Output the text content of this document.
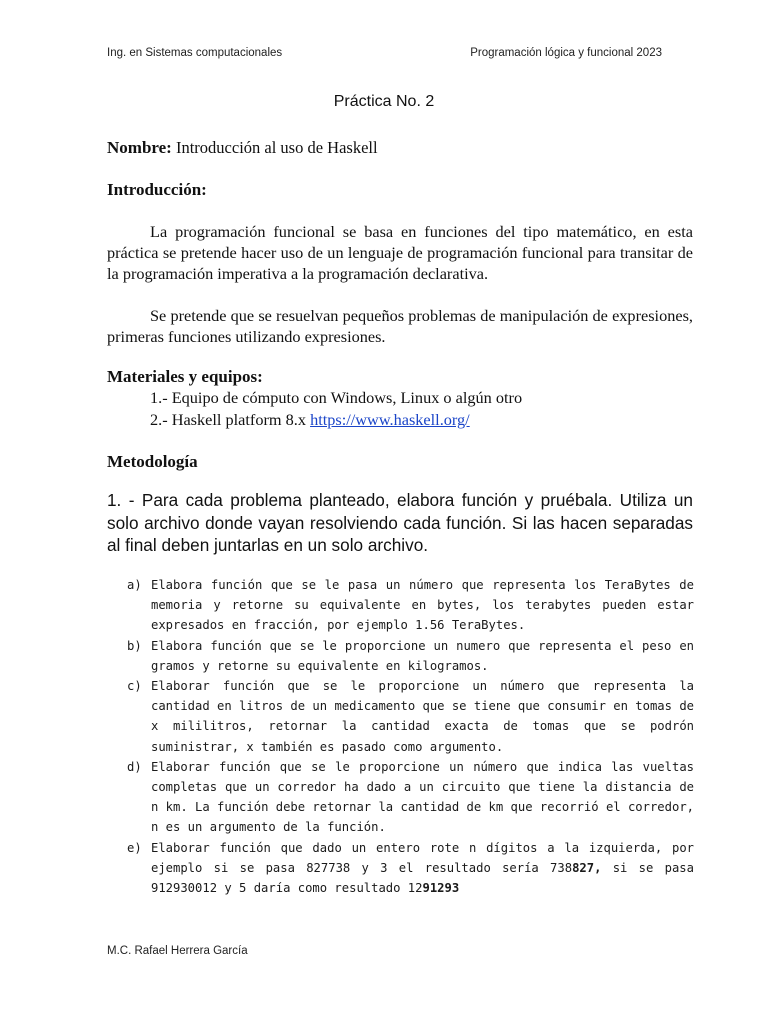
Ing. en Sistemas computacionales	Programación lógica y funcional 2023
Práctica No. 2
Nombre: Introducción al uso de Haskell
Introducción:
La programación funcional se basa en funciones del tipo matemático, en esta práctica se pretende hacer uso de un lenguaje de programación funcional para transitar de la programación imperativa a la programación declarativa.
Se pretende que se resuelvan pequeños problemas de manipulación de expresiones, primeras funciones utilizando expresiones.
Materiales y equipos:
1.- Equipo de cómputo con Windows, Linux o algún otro
2.- Haskell platform 8.x https://www.haskell.org/
Metodología
1. - Para cada problema planteado, elabora función y pruébala. Utiliza un solo archivo donde vayan resolviendo cada función. Si las hacen separadas al final deben juntarlas en un solo archivo.
a) Elabora función que se le pasa un número que representa los TeraBytes de memoria y retorne su equivalente en bytes, los terabytes pueden estar expresados en fracción, por ejemplo 1.56 TeraBytes.
b) Elabora función que se le proporcione un numero que representa el peso en gramos y retorne su equivalente en kilogramos.
c) Elaborar función que se le proporcione un número que representa la cantidad en litros de un medicamento que se tiene que consumir en tomas de x mililitros, retornar la cantidad exacta de tomas que se podrón suministrar, x también es pasado como argumento.
d) Elaborar función que se le proporcione un número que indica las vueltas completas que un corredor ha dado a un circuito que tiene la distancia de n km. La función debe retornar la cantidad de km que recorrió el corredor, n es un argumento de la función.
e) Elaborar función que dado un entero rote n dígitos a la izquierda, por ejemplo si se pasa 827738 y 3 el resultado sería 738827, si se pasa 912930012 y 5 daría como resultado 1291293
M.C. Rafael Herrera García
